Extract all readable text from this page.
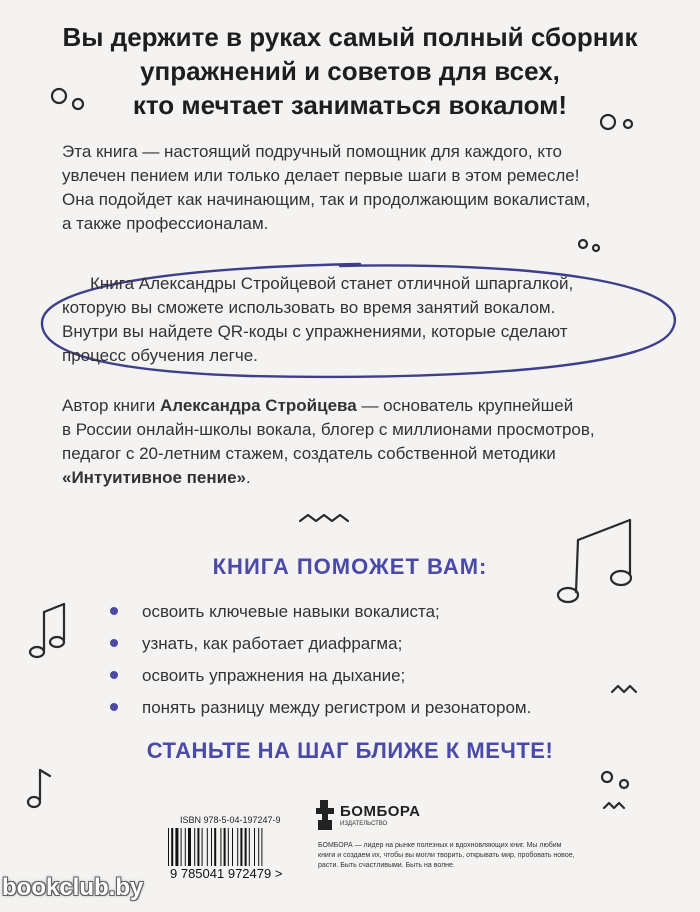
Вы держите в руках самый полный сборник
упражнений и советов для всех,
кто мечтает заниматься вокалом!
Эта книга — настоящий подручный помощник для каждого, кто
увлечен пением или только делает первые шаги в этом ремесле!
Она подойдет как начинающим, так и продолжающим вокалистам,
а также профессионалам.
Книга Александры Стройцевой станет отличной шпаргалкой,
которую вы сможете использовать во время занятий вокалом.
Внутри вы найдете QR-коды с упражнениями, которые сделают
процесс обучения легче.
Автор книги Александра Стройцева — основатель крупнейшей
в России онлайн-школы вокала, блогер с миллионами просмотров,
педагог с 20-летним стажем, создатель собственной методики
«Интуитивное пение».
КНИГА ПОМОЖЕТ ВАМ:
освоить ключевые навыки вокалиста;
узнать, как работает диафрагма;
освоить упражнения на дыхание;
понять разницу между регистром и резонатором.
СТАНЬТЕ НА ШАГ БЛИЖЕ К МЕЧТЕ!
ISBN 978-5-04-197247-9
9 785041 972479 >
БОМБОРА
ИЗДАТЕЛЬСТВО
БОМБОРА — лидер на рынке полезных и вдохновляющих книг. Мы любим книги и создаем их, чтобы вы могли творить, открывать мир, пробовать новое, расти. Быть счастливыми. Быть на волне.
bookclub.by
